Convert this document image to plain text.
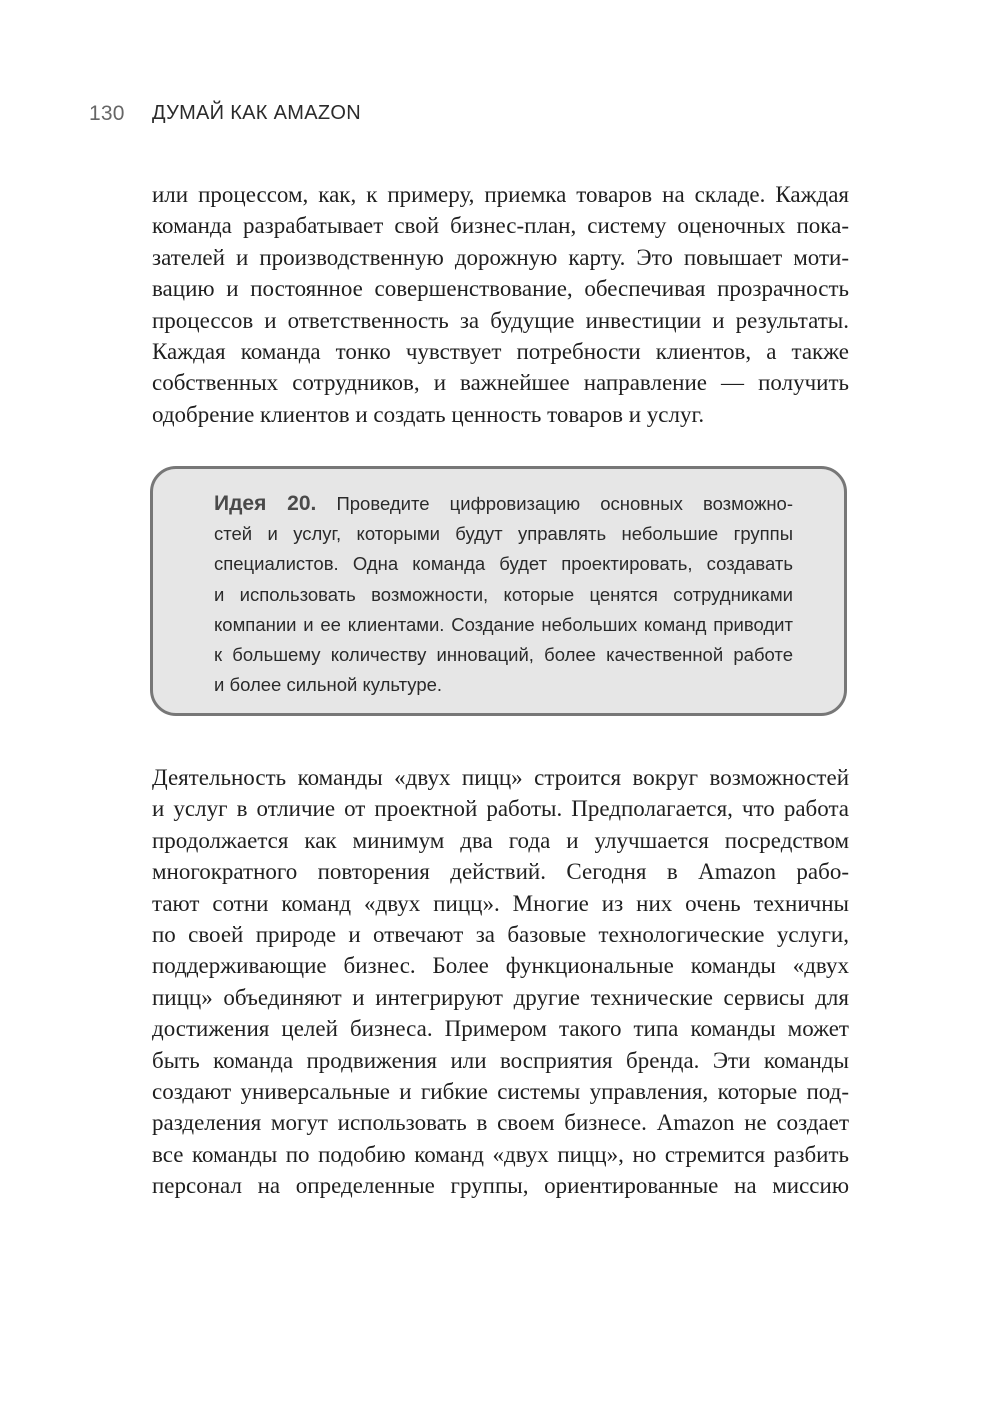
130 ДУМАЙ КАК AMAZON

или процессом, как, к примеру, приемка товаров на складе. Каждая
команда разрабатывает свой бизнес-план, систему оценочных пока-
зателей и производственную дорожную карту. Это повышает моти-
вацию и постоянное совершенствование, обеспечивая прозрачность
процессов и ответственность за будущие инвестиции и результаты.
Каждая команда тонко чувствует потребности клиентов, а также
собственных сотрудников, и важнейшее направление — получить
одобрение клиентов и создать ценность товаров и услуг.

Идея 20. Проведите цифровизацию основных возможно-
стей и услуг, которыми будут управлять небольшие группы
специалистов. Одна команда будет проектировать, создавать
и использовать возможности, которые ценятся сотрудниками
компании и ее клиентами. Создание небольших команд приводит
к большему количеству инноваций, более качественной работе
и более сильной культуре.

Деятельность команды «двух пицц» строится вокруг возможностей
и услуг в отличие от проектной работы. Предполагается, что работа
продолжается как минимум два года и улучшается посредством
многократного повторения действий. Сегодня в Amazon рабо-
тают сотни команд «двух пицц». Многие из них очень техничны
по своей природе и отвечают за базовые технологические услуги,
поддерживающие бизнес. Более функциональные команды «двух
пицц» объединяют и интегрируют другие технические сервисы для
достижения целей бизнеса. Примером такого типа команды может
быть команда продвижения или восприятия бренда. Эти команды
создают универсальные и гибкие системы управления, которые под-
разделения могут использовать в своем бизнесе. Amazon не создает
все команды по подобию команд «двух пицц», но стремится разбить
персонал на определенные группы, ориентированные на миссию
